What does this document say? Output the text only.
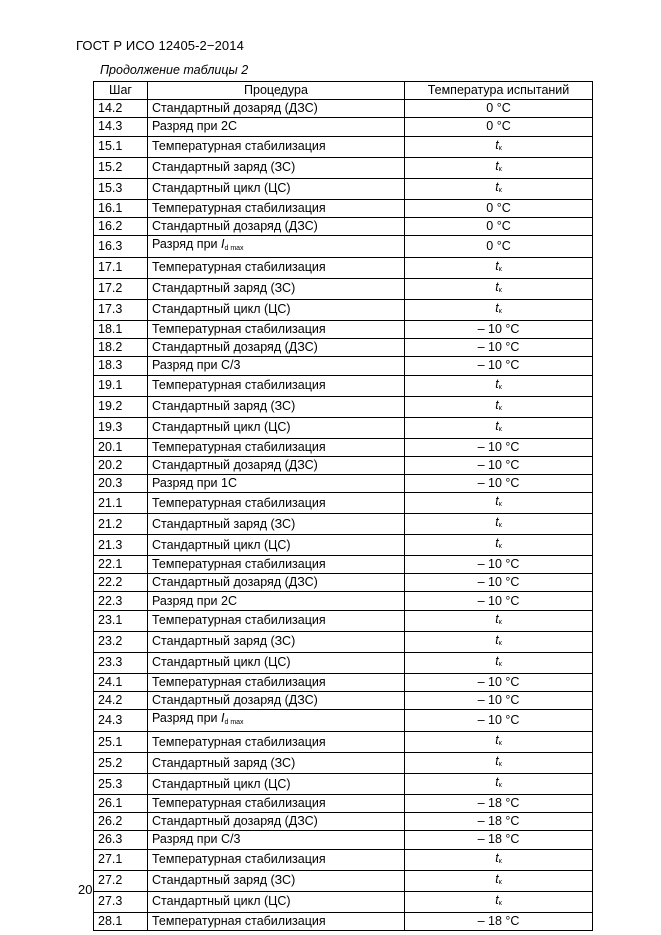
ГОСТ Р ИСО 12405-2−2014
Продолжение таблицы 2
Шаг	Процедура	Температура испытаний
14.2	Стандартный дозаряд (ДЗС)	0 °C
14.3	Разряд при 2С	0 °C
15.1	Температурная стабилизация	$t_к$
15.2	Стандартный заряд (ЗС)	$t_к$
15.3	Стандартный цикл (ЦС)	$t_к$
16.1	Температурная стабилизация	0 °C
16.2	Стандартный дозаряд (ДЗС)	0 °C
16.3	Разряд при $I_{d max}$	0 °C
17.1	Температурная стабилизация	$t_к$
17.2	Стандартный заряд (ЗС)	$t_к$
17.3	Стандартный цикл (ЦС)	$t_к$
18.1	Температурная стабилизация	– 10 °C
18.2	Стандартный дозаряд (ДЗС)	– 10 °C
18.3	Разряд при С/3	– 10 °C
19.1	Температурная стабилизация	$t_к$
19.2	Стандартный заряд (ЗС)	$t_к$
19.3	Стандартный цикл (ЦС)	$t_к$
20.1	Температурная стабилизация	– 10 °C
20.2	Стандартный дозаряд (ДЗС)	– 10 °C
20.3	Разряд при 1С	– 10 °C
21.1	Температурная стабилизация	$t_к$
21.2	Стандартный заряд (ЗС)	$t_к$
21.3	Стандартный цикл (ЦС)	$t_к$
22.1	Температурная стабилизация	– 10 °C
22.2	Стандартный дозаряд (ДЗС)	– 10 °C
22.3	Разряд при 2С	– 10 °C
23.1	Температурная стабилизация	$t_к$
23.2	Стандартный заряд (ЗС)	$t_к$
23.3	Стандартный цикл (ЦС)	$t_к$
24.1	Температурная стабилизация	– 10 °C
24.2	Стандартный дозаряд (ДЗС)	– 10 °C
24.3	Разряд при $I_{d max}$	– 10 °C
25.1	Температурная стабилизация	$t_к$
25.2	Стандартный заряд (ЗС)	$t_к$
25.3	Стандартный цикл (ЦС)	$t_к$
26.1	Температурная стабилизация	– 18 °C
26.2	Стандартный дозаряд (ДЗС)	– 18 °C
26.3	Разряд при С/3	– 18 °C
27.1	Температурная стабилизация	$t_к$
27.2	Стандартный заряд (ЗС)	$t_к$
27.3	Стандартный цикл (ЦС)	$t_к$
28.1	Температурная стабилизация	– 18 °C
20
